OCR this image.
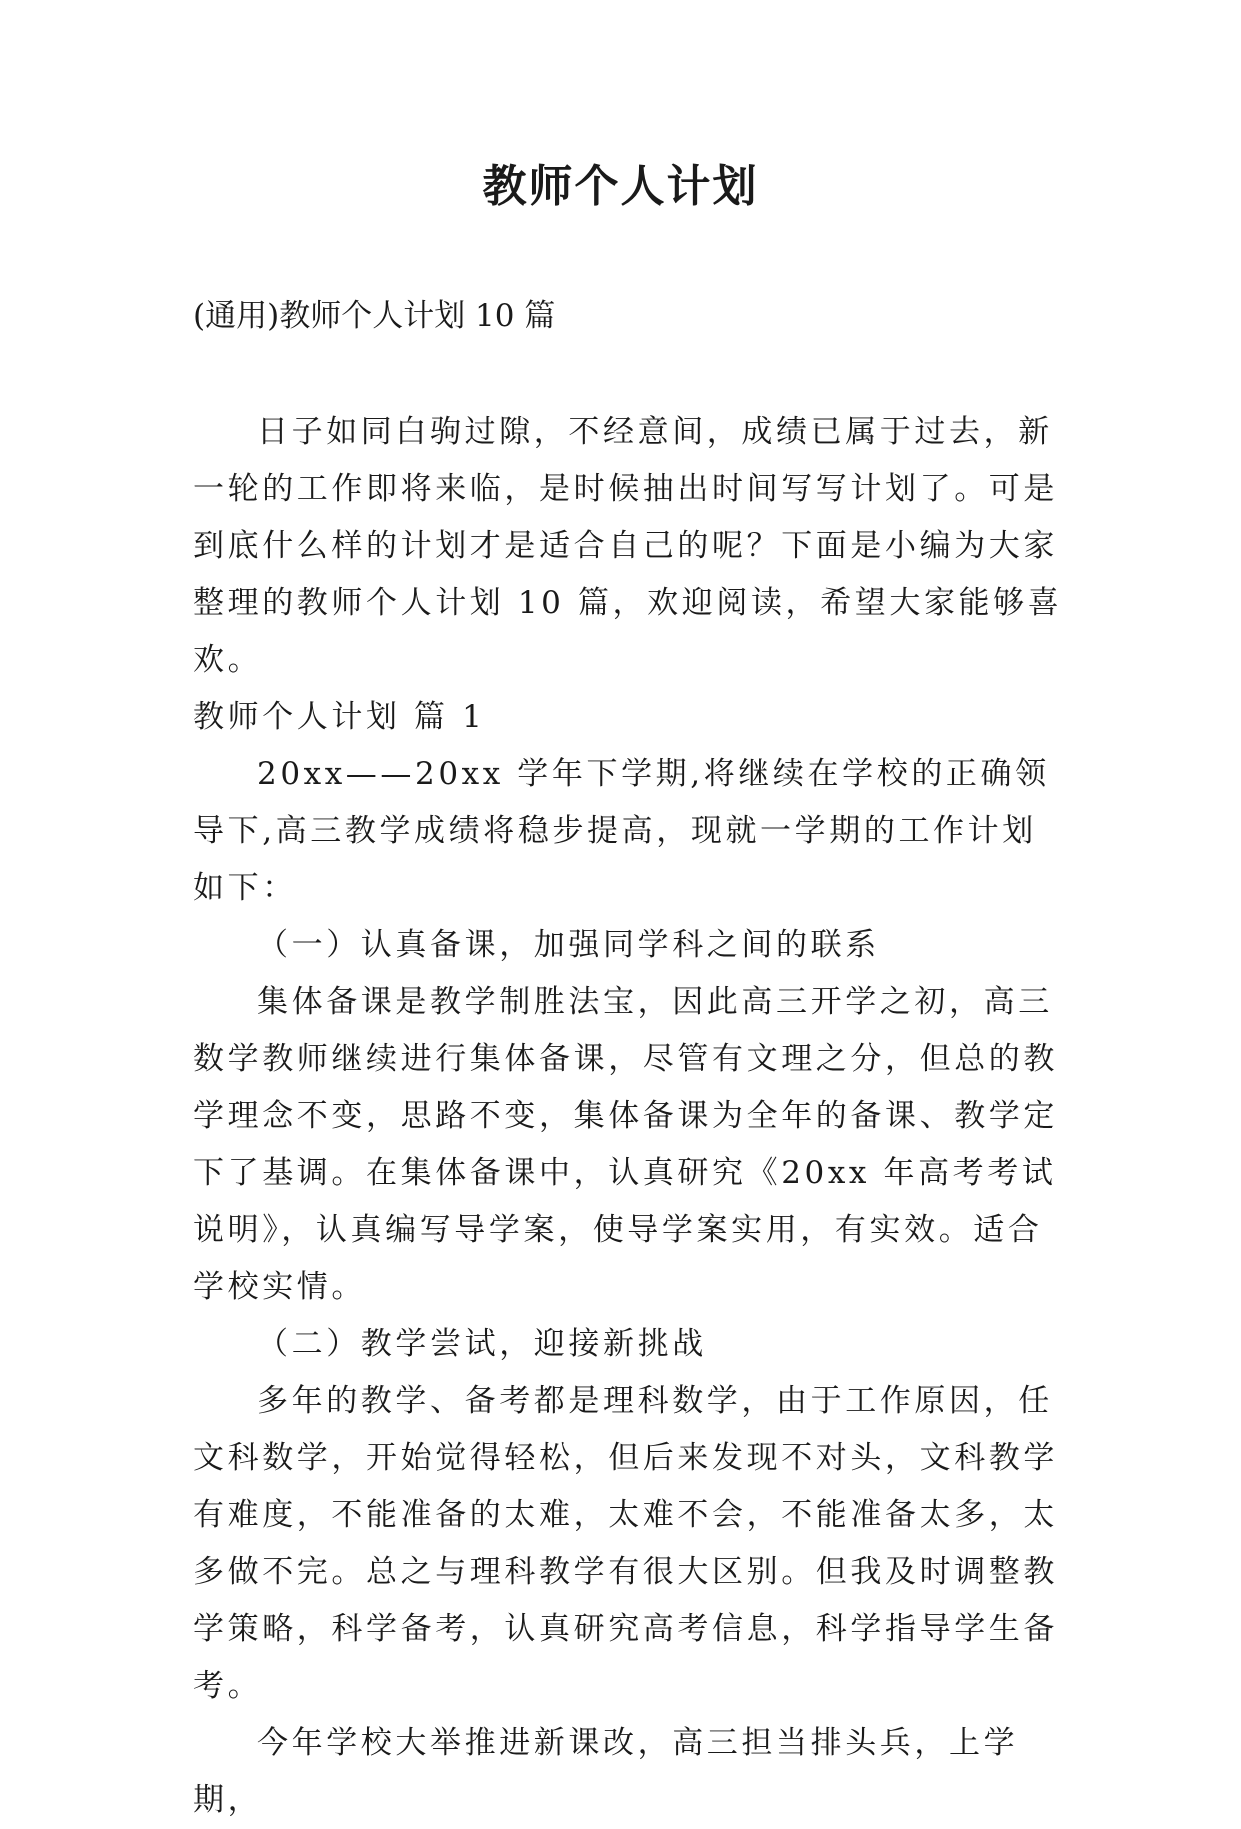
教师个人计划

(通用)教师个人计划 10 篇

日子如同白驹过隙，不经意间，成绩已属于过去，新一轮的工作即将来临，是时候抽出时间写写计划了。可是到底什么样的计划才是适合自己的呢？下面是小编为大家整理的教师个人计划 10 篇，欢迎阅读，希望大家能够喜欢。

教师个人计划 篇 1

20xx——20xx 学年下学期,将继续在学校的正确领导下,高三教学成绩将稳步提高，现就一学期的工作计划如下：

（一）认真备课，加强同学科之间的联系

集体备课是教学制胜法宝，因此高三开学之初，高三数学教师继续进行集体备课，尽管有文理之分，但总的教学理念不变，思路不变，集体备课为全年的备课、教学定下了基调。在集体备课中，认真研究《20xx 年高考考试说明》，认真编写导学案，使导学案实用，有实效。适合学校实情。

（二）教学尝试，迎接新挑战

多年的教学、备考都是理科数学，由于工作原因，任文科数学，开始觉得轻松，但后来发现不对头，文科教学有难度，不能准备的太难，太难不会，不能准备太多，太多做不完。总之与理科教学有很大区别。但我及时调整教学策略，科学备考，认真研究高考信息，科学指导学生备考。

今年学校大举推进新课改，高三担当排头兵，上学期，
